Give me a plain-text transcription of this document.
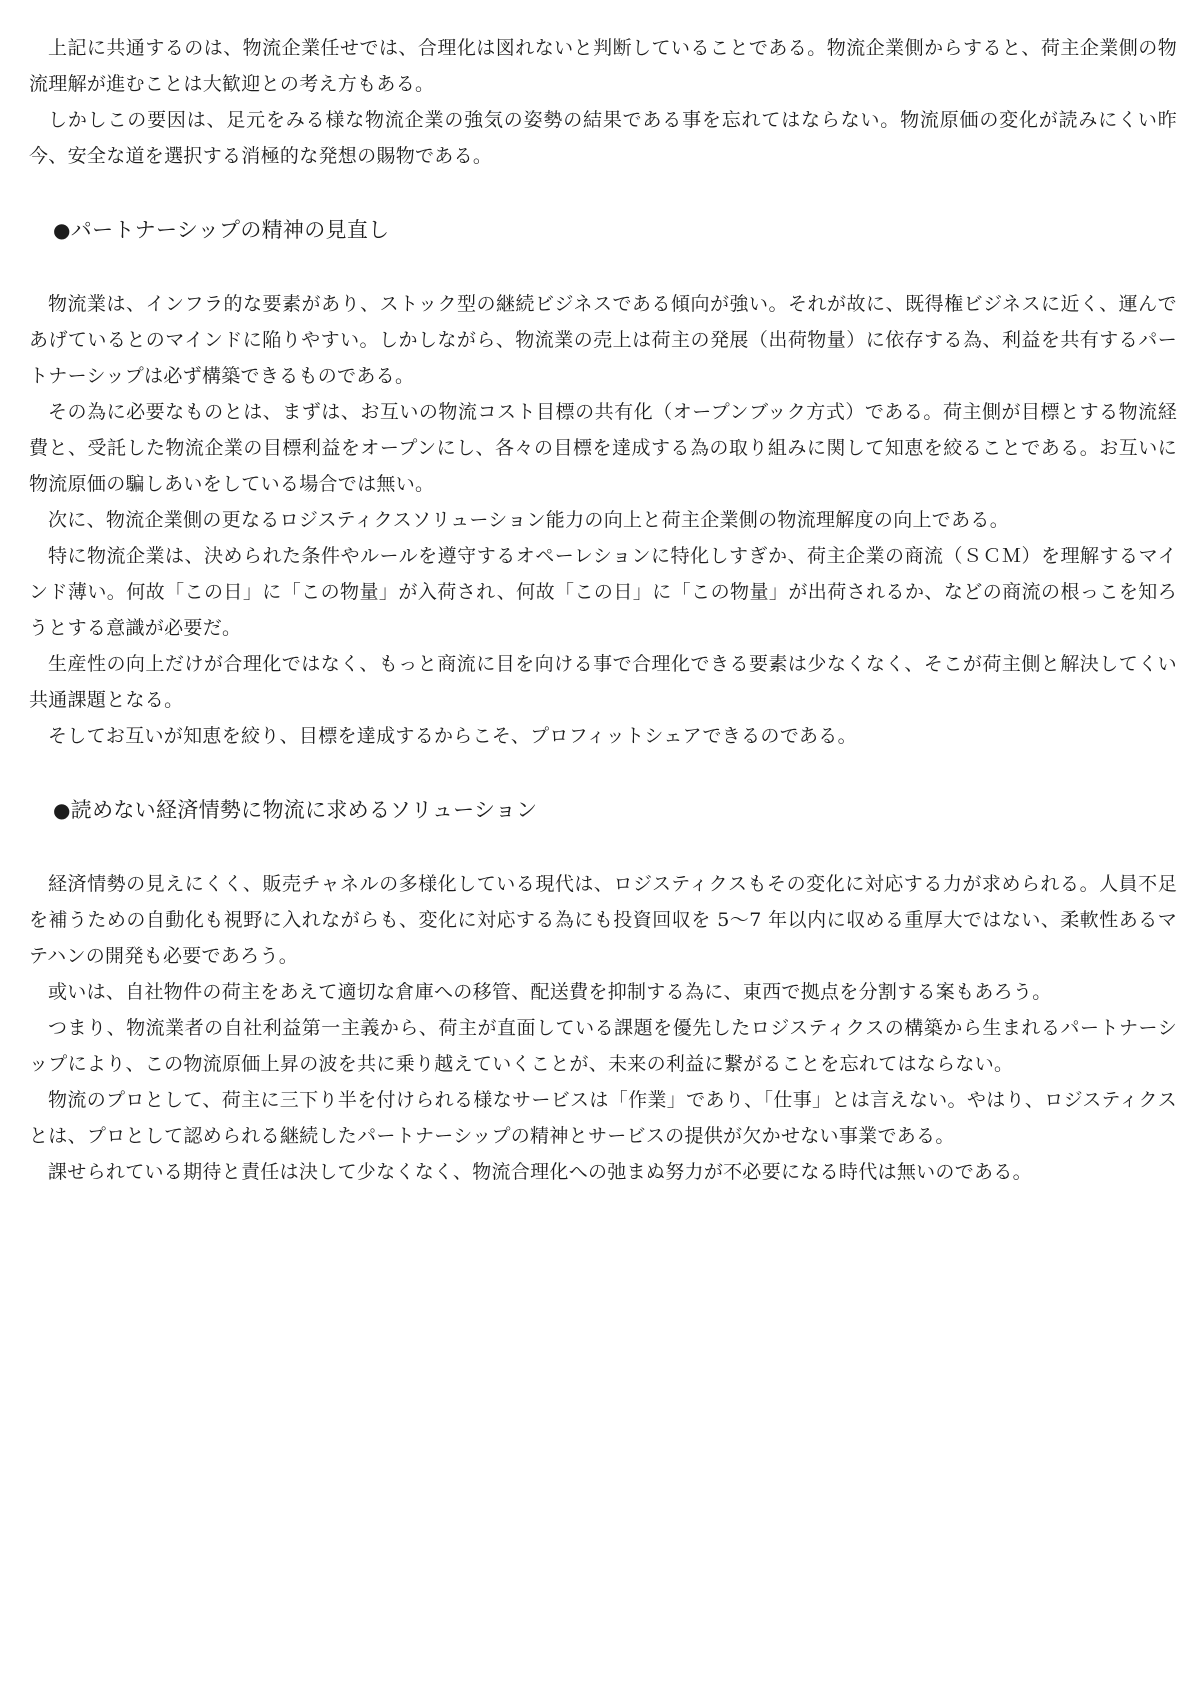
上記に共通するのは、物流企業任せでは、合理化は図れないと判断していることである。物流企業側からすると、荷主企業側の物流理解が進むことは大歓迎との考え方もある。

しかしこの要因は、足元をみる様な物流企業の強気の姿勢の結果である事を忘れてはならない。物流原価の変化が読みにくい昨今、安全な道を選択する消極的な発想の賜物である。

●パートナーシップの精神の見直し

物流業は、インフラ的な要素があり、ストック型の継続ビジネスである傾向が強い。それが故に、既得権ビジネスに近く、運んであげているとのマインドに陥りやすい。しかしながら、物流業の売上は荷主の発展（出荷物量）に依存する為、利益を共有するパートナーシップは必ず構築できるものである。

その為に必要なものとは、まずは、お互いの物流コスト目標の共有化（オープンブック方式）である。荷主側が目標とする物流経費と、受託した物流企業の目標利益をオープンにし、各々の目標を達成する為の取り組みに関して知恵を絞ることである。お互いに物流原価の騙しあいをしている場合では無い。

次に、物流企業側の更なるロジスティクスソリューション能力の向上と荷主企業側の物流理解度の向上である。

特に物流企業は、決められた条件やルールを遵守するオペーレションに特化しすぎか、荷主企業の商流（ＳＣＭ）を理解するマインド薄い。何故「この日」に「この物量」が入荷され、何故「この日」に「この物量」が出荷されるか、などの商流の根っこを知ろうとする意識が必要だ。

生産性の向上だけが合理化ではなく、もっと商流に目を向ける事で合理化できる要素は少なくなく、そこが荷主側と解決してくい共通課題となる。

そしてお互いが知恵を絞り、目標を達成するからこそ、プロフィットシェアできるのである。

●読めない経済情勢に物流に求めるソリューション

経済情勢の見えにくく、販売チャネルの多様化している現代は、ロジスティクスもその変化に対応する力が求められる。人員不足を補うための自動化も視野に入れながらも、変化に対応する為にも投資回収を 5～7 年以内に収める重厚大ではない、柔軟性あるマテハンの開発も必要であろう。

或いは、自社物件の荷主をあえて適切な倉庫への移管、配送費を抑制する為に、東西で拠点を分割する案もあろう。

つまり、物流業者の自社利益第一主義から、荷主が直面している課題を優先したロジスティクスの構築から生まれるパートナーシップにより、この物流原価上昇の波を共に乗り越えていくことが、未来の利益に繋がることを忘れてはならない。

物流のプロとして、荷主に三下り半を付けられる様なサービスは「作業」であり、「仕事」とは言えない。やはり、ロジスティクスとは、プロとして認められる継続したパートナーシップの精神とサービスの提供が欠かせない事業である。

課せられている期待と責任は決して少なくなく、物流合理化への弛まぬ努力が不必要になる時代は無いのである。
